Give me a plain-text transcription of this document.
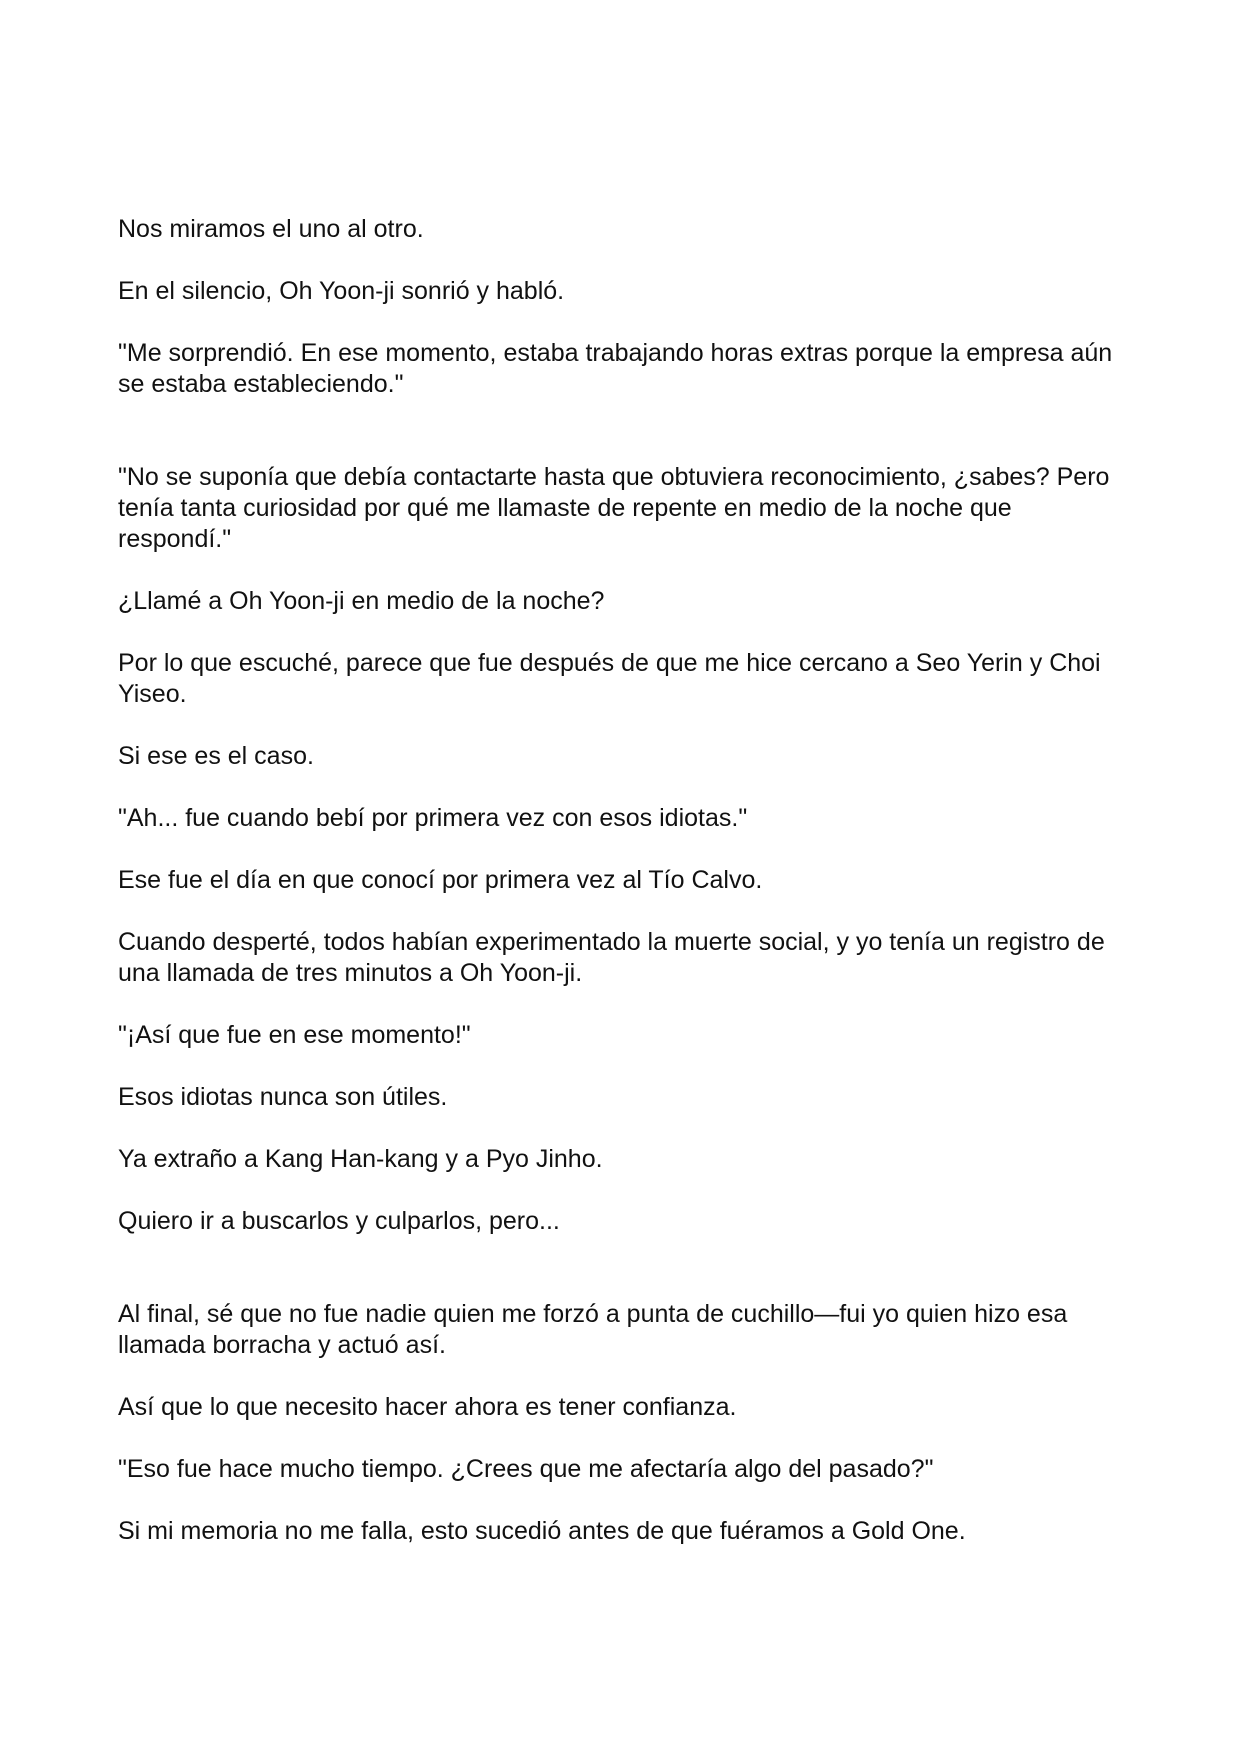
Nos miramos el uno al otro.

En el silencio, Oh Yoon-ji sonrió y habló.

"Me sorprendió. En ese momento, estaba trabajando horas extras porque la empresa aún se estaba estableciendo."

"No se suponía que debía contactarte hasta que obtuviera reconocimiento, ¿sabes? Pero tenía tanta curiosidad por qué me llamaste de repente en medio de la noche que respondí."

¿Llamé a Oh Yoon-ji en medio de la noche?

Por lo que escuché, parece que fue después de que me hice cercano a Seo Yerin y Choi Yiseo.

Si ese es el caso.

"Ah... fue cuando bebí por primera vez con esos idiotas."

Ese fue el día en que conocí por primera vez al Tío Calvo.

Cuando desperté, todos habían experimentado la muerte social, y yo tenía un registro de una llamada de tres minutos a Oh Yoon-ji.

"¡Así que fue en ese momento!"

Esos idiotas nunca son útiles.

Ya extraño a Kang Han-kang y a Pyo Jinho.

Quiero ir a buscarlos y culparlos, pero...

Al final, sé que no fue nadie quien me forzó a punta de cuchillo—fui yo quien hizo esa llamada borracha y actuó así.

Así que lo que necesito hacer ahora es tener confianza.

"Eso fue hace mucho tiempo. ¿Crees que me afectaría algo del pasado?"

Si mi memoria no me falla, esto sucedió antes de que fuéramos a Gold One.
